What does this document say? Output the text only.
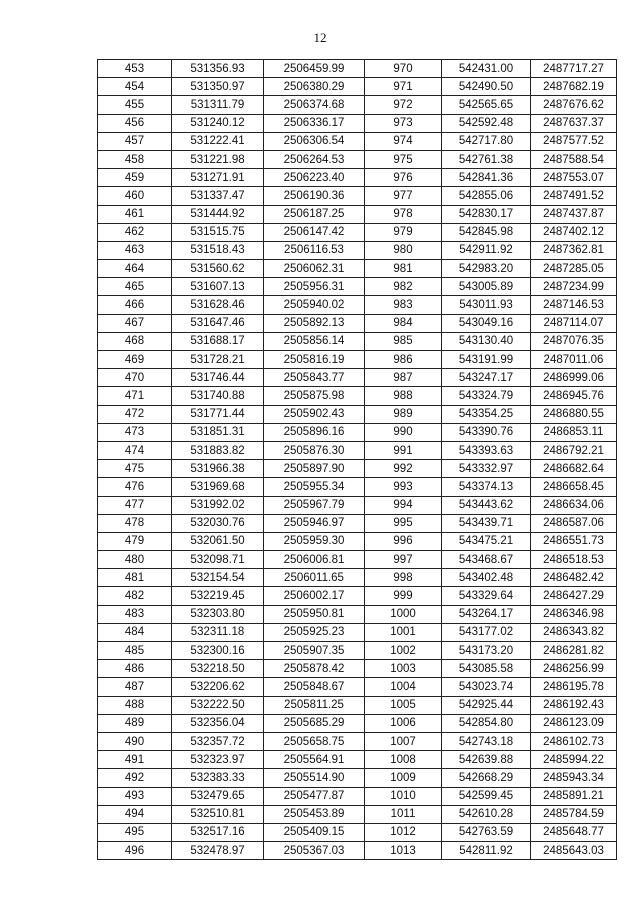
12
453	531356.93	2506459.99	970	542431.00	2487717.27
454	531350.97	2506380.29	971	542490.50	2487682.19
455	531311.79	2506374.68	972	542565.65	2487676.62
456	531240.12	2506336.17	973	542592.48	2487637.37
457	531222.41	2506306.54	974	542717.80	2487577.52
458	531221.98	2506264.53	975	542761.38	2487588.54
459	531271.91	2506223.40	976	542841.36	2487553.07
460	531337.47	2506190.36	977	542855.06	2487491.52
461	531444.92	2506187.25	978	542830.17	2487437.87
462	531515.75	2506147.42	979	542845.98	2487402.12
463	531518.43	2506116.53	980	542911.92	2487362.81
464	531560.62	2506062.31	981	542983.20	2487285.05
465	531607.13	2505956.31	982	543005.89	2487234.99
466	531628.46	2505940.02	983	543011.93	2487146.53
467	531647.46	2505892.13	984	543049.16	2487114.07
468	531688.17	2505856.14	985	543130.40	2487076.35
469	531728.21	2505816.19	986	543191.99	2487011.06
470	531746.44	2505843.77	987	543247.17	2486999.06
471	531740.88	2505875.98	988	543324.79	2486945.76
472	531771.44	2505902.43	989	543354.25	2486880.55
473	531851.31	2505896.16	990	543390.76	2486853.11
474	531883.82	2505876.30	991	543393.63	2486792.21
475	531966.38	2505897.90	992	543332.97	2486682.64
476	531969.68	2505955.34	993	543374.13	2486658.45
477	531992.02	2505967.79	994	543443.62	2486634.06
478	532030.76	2505946.97	995	543439.71	2486587.06
479	532061.50	2505959.30	996	543475.21	2486551.73
480	532098.71	2506006.81	997	543468.67	2486518.53
481	532154.54	2506011.65	998	543402.48	2486482.42
482	532219.45	2506002.17	999	543329.64	2486427.29
483	532303.80	2505950.81	1000	543264.17	2486346.98
484	532311.18	2505925.23	1001	543177.02	2486343.82
485	532300.16	2505907.35	1002	543173.20	2486281.82
486	532218.50	2505878.42	1003	543085.58	2486256.99
487	532206.62	2505848.67	1004	543023.74	2486195.78
488	532222.50	2505811.25	1005	542925.44	2486192.43
489	532356.04	2505685.29	1006	542854.80	2486123.09
490	532357.72	2505658.75	1007	542743.18	2486102.73
491	532323.97	2505564.91	1008	542639.88	2485994.22
492	532383.33	2505514.90	1009	542668.29	2485943.34
493	532479.65	2505477.87	1010	542599.45	2485891.21
494	532510.81	2505453.89	1011	542610.28	2485784.59
495	532517.16	2505409.15	1012	542763.59	2485648.77
496	532478.97	2505367.03	1013	542811.92	2485643.03
